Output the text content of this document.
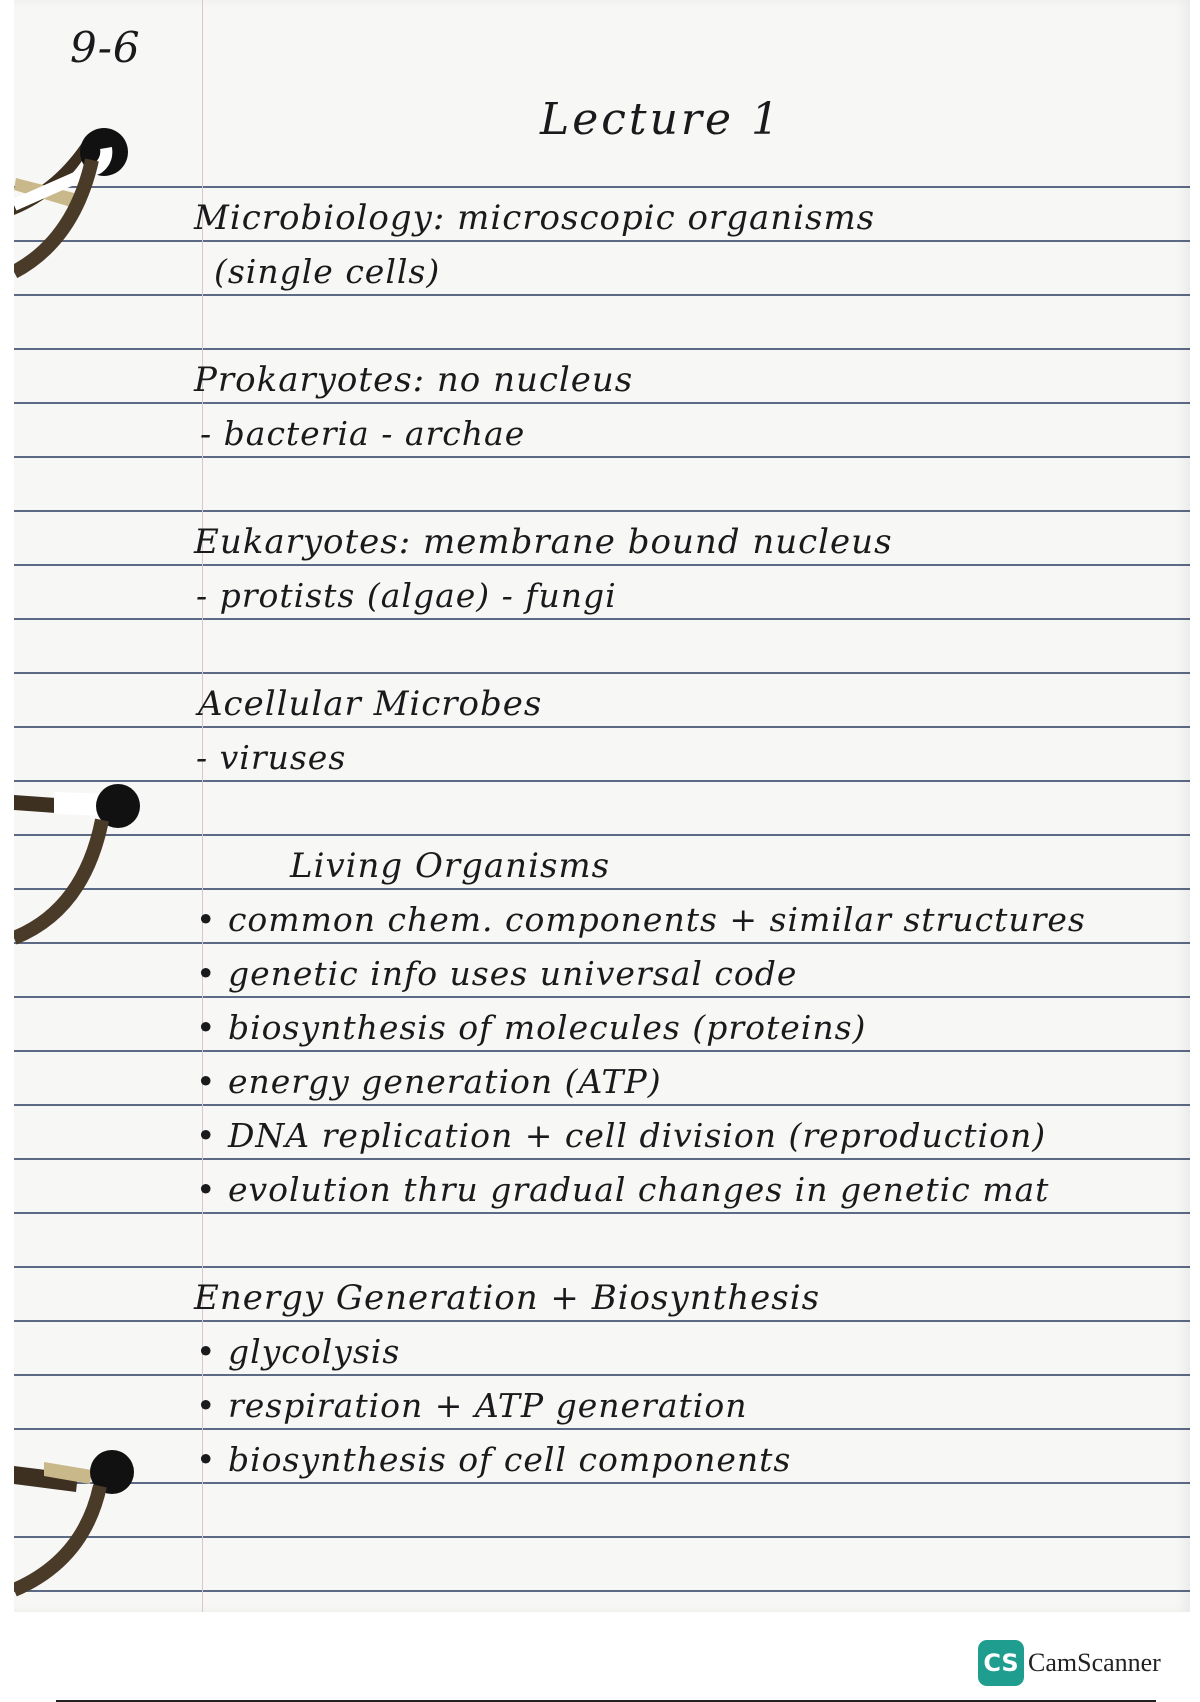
9-6

Lecture 1

Microbiology: microscopic organisms

(single cells)

Prokaryotes: no nucleus

- bacteria - archae

Eukaryotes: membrane bound nucleus

- protists (algae) - fungi

Acellular Microbes

- viruses

Living Organisms

• common chem. components + similar structures

• genetic info uses universal code

• biosynthesis of molecules (proteins)

• energy generation (ATP)

• DNA replication + cell division (reproduction)

• evolution thru gradual changes in genetic mat

Energy Generation + Biosynthesis

• glycolysis

• respiration + ATP generation

• biosynthesis of cell components

CS CamScanner
